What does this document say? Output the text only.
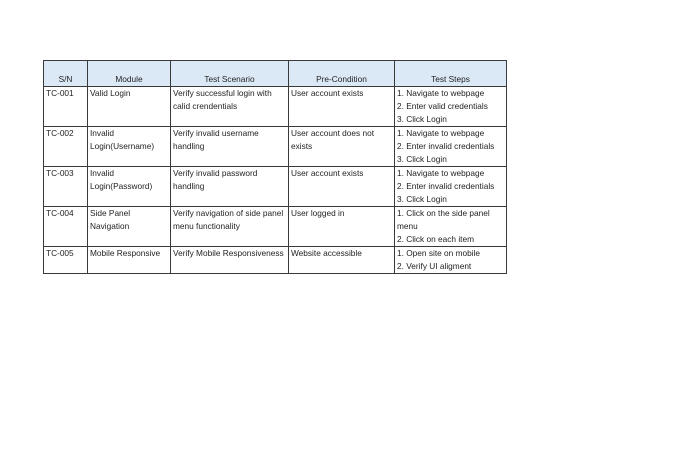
S/N	Module	Test Scenario	Pre-Condition	Test Steps

TC-001	Valid Login	Verify successful login with
calid crendentials	User account exists	1. Navigate to webpage
2. Enter valid credentials
3. Click Login

TC-002	Invalid
Login(Username)	Verify invalid username
handling	User account does not
exists	1. Navigate to webpage
2. Enter invalid credentials
3. Click Login

TC-003	Invalid
Login(Password)	Verify invalid password
handling	User account exists	1. Navigate to webpage
2. Enter invalid credentials
3. Click Login

TC-004	Side Panel
Navigation	Verify navigation of side panel
menu functionality	User logged in	1. Click on the side panel
menu
2. Click on each item

TC-005	Mobile Responsive	Verify Mobile Responsiveness	Website accessible	1. Open site on mobile
2. Verify UI aligment
